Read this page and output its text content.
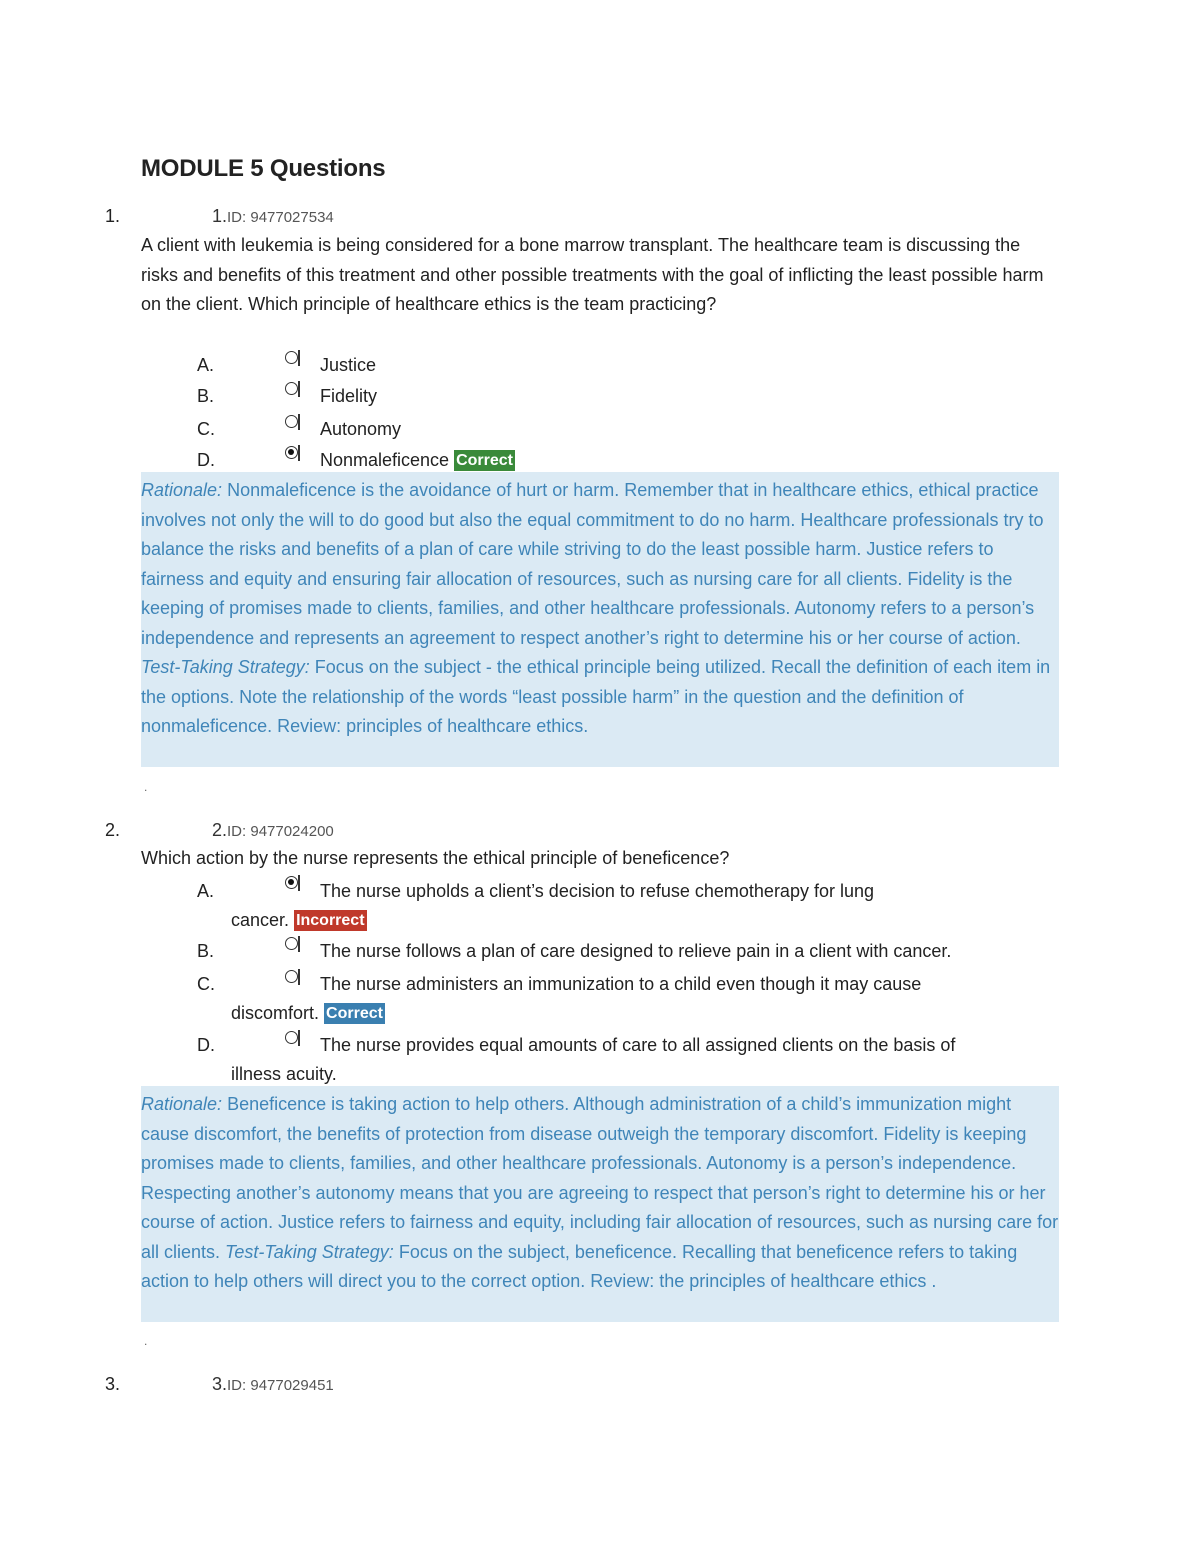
MODULE 5 Questions
1.	1.ID: 9477027534
A client with leukemia is being considered for a bone marrow transplant. The healthcare team is discussing the risks and benefits of this treatment and other possible treatments with the goal of inflicting the least possible harm on the client. Which principle of healthcare ethics is the team practicing?
A.	Justice
B.	Fidelity
C.	Autonomy
D.	Nonmaleficence Correct
Rationale: Nonmaleficence is the avoidance of hurt or harm. Remember that in healthcare ethics, ethical practice involves not only the will to do good but also the equal commitment to do no harm. Healthcare professionals try to balance the risks and benefits of a plan of care while striving to do the least possible harm. Justice refers to fairness and equity and ensuring fair allocation of resources, such as nursing care for all clients. Fidelity is the keeping of promises made to clients, families, and other healthcare professionals. Autonomy refers to a person’s independence and represents an agreement to respect another’s right to determine his or her course of action. Test-Taking Strategy: Focus on the subject - the ethical principle being utilized. Recall the definition of each item in the options. Note the relationship of the words “least possible harm” in the question and the definition of nonmaleficence. Review: principles of healthcare ethics.
.
2.	2.ID: 9477024200
Which action by the nurse represents the ethical principle of beneficence?
A.	The nurse upholds a client’s decision to refuse chemotherapy for lung
cancer. Incorrect
B.	The nurse follows a plan of care designed to relieve pain in a client with cancer.
C.	The nurse administers an immunization to a child even though it may cause
discomfort. Correct
D.	The nurse provides equal amounts of care to all assigned clients on the basis of
illness acuity.
Rationale: Beneficence is taking action to help others. Although administration of a child’s immunization might cause discomfort, the benefits of protection from disease outweigh the temporary discomfort. Fidelity is keeping promises made to clients, families, and other healthcare professionals. Autonomy is a person’s independence. Respecting another’s autonomy means that you are agreeing to respect that person’s right to determine his or her course of action. Justice refers to fairness and equity, including fair allocation of resources, such as nursing care for all clients. Test-Taking Strategy: Focus on the subject, beneficence. Recalling that beneficence refers to taking action to help others will direct you to the correct option. Review: the principles of healthcare ethics .
.
3.	3.ID: 9477029451
